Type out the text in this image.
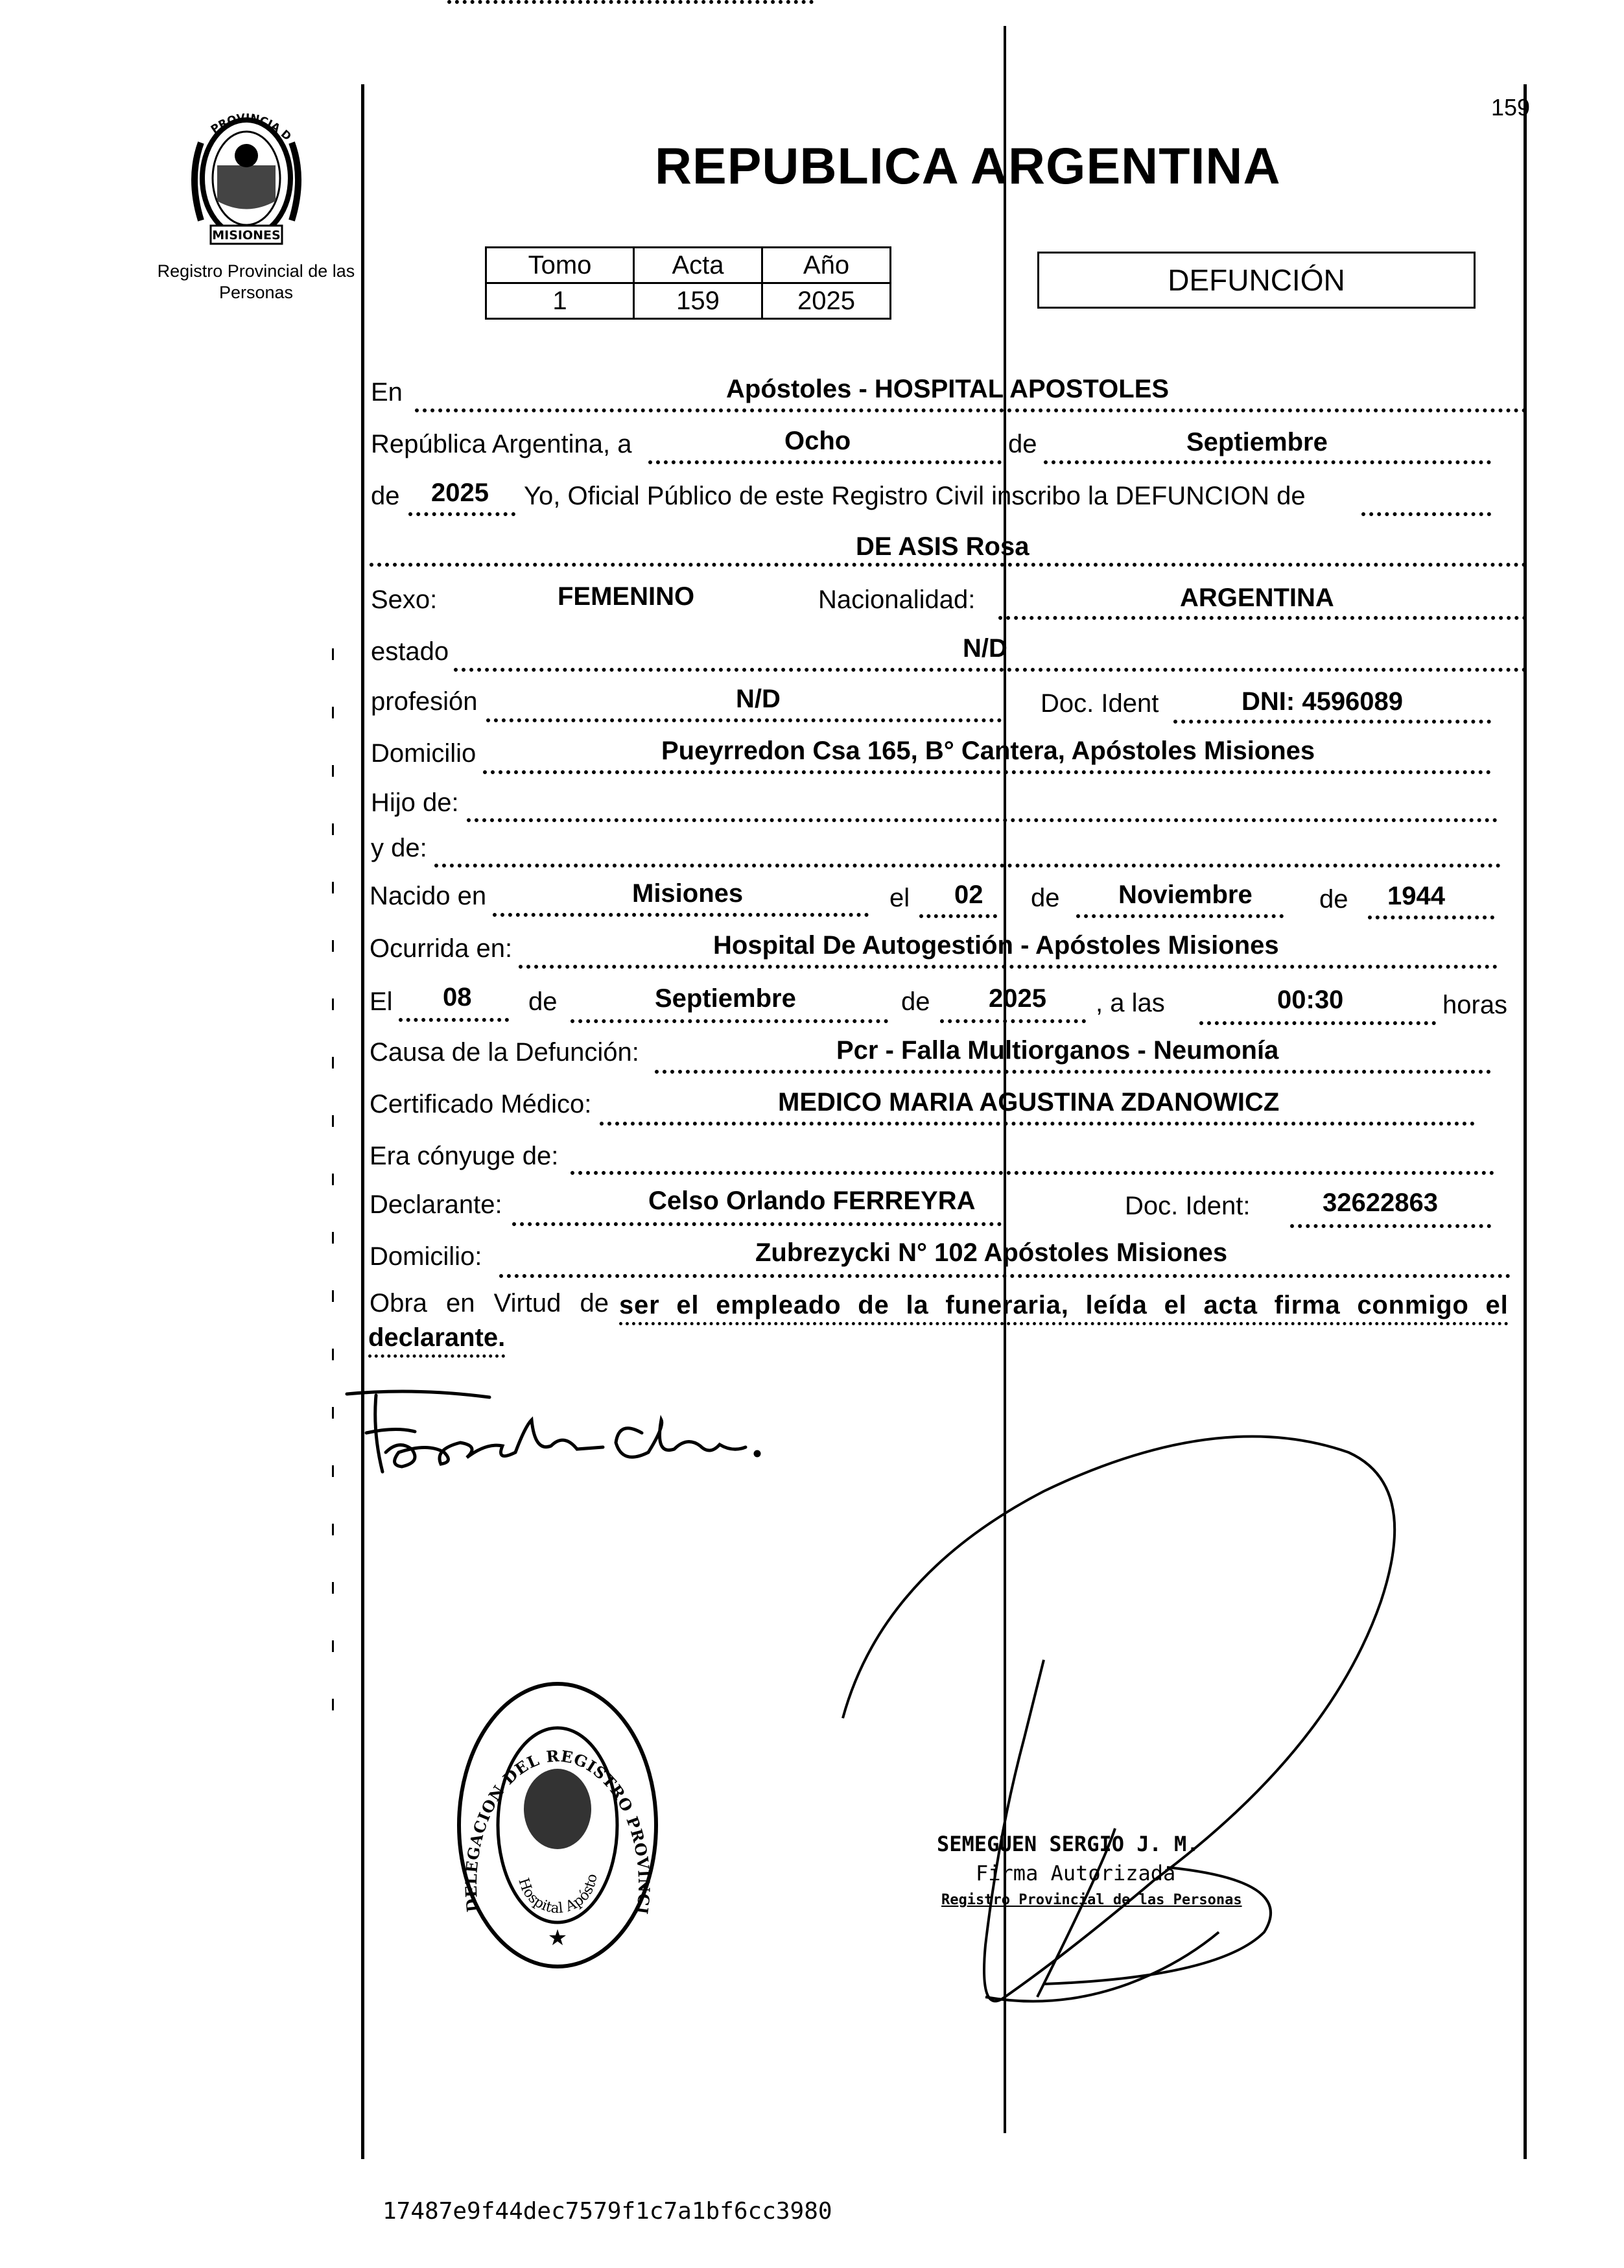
PROVINCIA D
MISIONES
Registro Provincial de las Personas
159
REPUBLICA ARGENTINA
Tomo	Acta	Año
1	159	2025
DEFUNCIÓN
En	Apóstoles - HOSPITAL APOSTOLES
República Argentina, a	Ocho	de	Septiembre
de 2025 Yo, Oficial Público de este Registro Civil inscribo la DEFUNCION de
DE ASIS Rosa
Sexo:	FEMENINO	Nacionalidad:	ARGENTINA
estado	N/D
profesión	N/D	Doc. Ident	DNI: 4596089
Domicilio	Pueyrredon Csa 165, B° Cantera, Apóstoles Misiones
Hijo de:
y de:
Nacido en	Misiones	el 02 de Noviembre	de 1944
Ocurrida en:	Hospital De Autogestión - Apóstoles Misiones
El 08 de	Septiembre	de 2025 , a las	00:30	horas
Causa de la Defunción:	Pcr - Falla Multiorganos - Neumonía
Certificado Médico:	MEDICO MARIA AGUSTINA ZDANOWICZ
Era cónyuge de:
Declarante:	Celso Orlando FERREYRA	Doc. Ident:	32622863
Domicilio:	Zubrezycki N° 102 Apóstoles Misiones
Obra en Virtud de ser el empleado de la funeraria, leída el acta firma conmigo el
declarante.
DELEGACION DEL REGISTRO PROVINCI
Hospital Apósto
★
SEMEGUEN SERGIO J. M.
Firma Autorizada
Registro Provincial de las Personas
17487e9f44dec7579f1c7a1bf6cc3980
